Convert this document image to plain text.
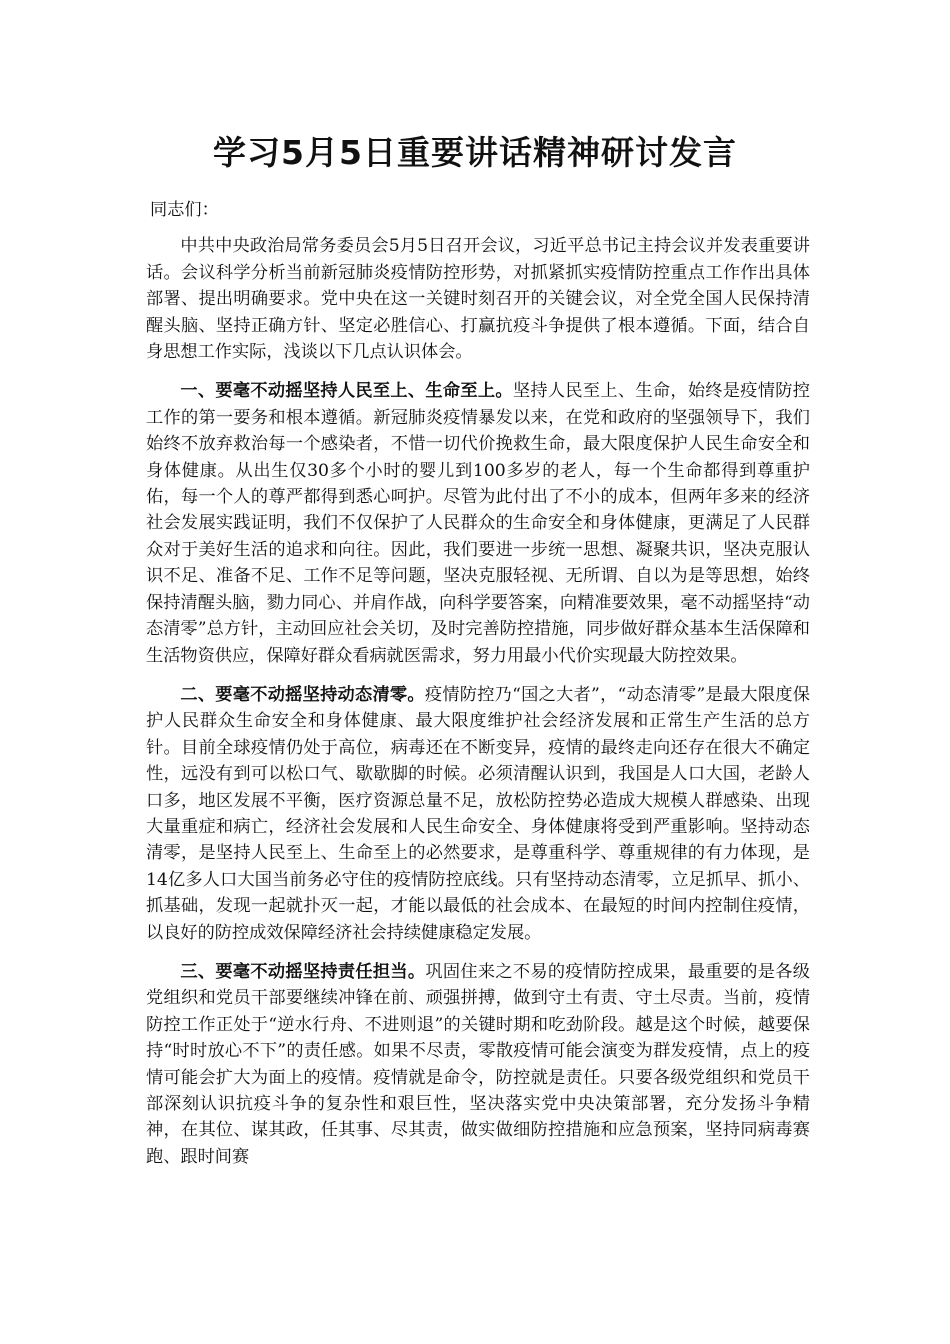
学习5月5日重要讲话精神研讨发言

同志们：

中共中央政治局常务委员会5月5日召开会议，习近平总书记主持会议并发表重要讲话。会议科学分析当前新冠肺炎疫情防控形势，对抓紧抓实疫情防控重点工作作出具体部署、提出明确要求。党中央在这一关键时刻召开的关键会议，对全党全国人民保持清醒头脑、坚持正确方针、坚定必胜信心、打赢抗疫斗争提供了根本遵循。下面，结合自身思想工作实际，浅谈以下几点认识体会。

一、要毫不动摇坚持人民至上、生命至上。坚持人民至上、生命，始终是疫情防控工作的第一要务和根本遵循。新冠肺炎疫情暴发以来，在党和政府的坚强领导下，我们始终不放弃救治每一个感染者，不惜一切代价挽救生命，最大限度保护人民生命安全和身体健康。从出生仅30多个小时的婴儿到100多岁的老人，每一个生命都得到尊重护佑，每一个人的尊严都得到悉心呵护。尽管为此付出了不小的成本，但两年多来的经济社会发展实践证明，我们不仅保护了人民群众的生命安全和身体健康，更满足了人民群众对于美好生活的追求和向往。因此，我们要进一步统一思想、凝聚共识，坚决克服认识不足、准备不足、工作不足等问题，坚决克服轻视、无所谓、自以为是等思想，始终保持清醒头脑，勠力同心、并肩作战，向科学要答案，向精准要效果，毫不动摇坚持“动态清零”总方针，主动回应社会关切，及时完善防控措施，同步做好群众基本生活保障和生活物资供应，保障好群众看病就医需求，努力用最小代价实现最大防控效果。

二、要毫不动摇坚持动态清零。疫情防控乃“国之大者”，“动态清零”是最大限度保护人民群众生命安全和身体健康、最大限度维护社会经济发展和正常生产生活的总方针。目前全球疫情仍处于高位，病毒还在不断变异，疫情的最终走向还存在很大不确定性，远没有到可以松口气、歇歇脚的时候。必须清醒认识到，我国是人口大国，老龄人口多，地区发展不平衡，医疗资源总量不足，放松防控势必造成大规模人群感染、出现大量重症和病亡，经济社会发展和人民生命安全、身体健康将受到严重影响。坚持动态清零，是坚持人民至上、生命至上的必然要求，是尊重科学、尊重规律的有力体现，是14亿多人口大国当前务必守住的疫情防控底线。只有坚持动态清零，立足抓早、抓小、抓基础，发现一起就扑灭一起，才能以最低的社会成本、在最短的时间内控制住疫情，以良好的防控成效保障经济社会持续健康稳定发展。

三、要毫不动摇坚持责任担当。巩固住来之不易的疫情防控成果，最重要的是各级党组织和党员干部要继续冲锋在前、顽强拼搏，做到守土有责、守土尽责。当前，疫情防控工作正处于“逆水行舟、不进则退”的关键时期和吃劲阶段。越是这个时候，越要保持“时时放心不下”的责任感。如果不尽责，零散疫情可能会演变为群发疫情，点上的疫情可能会扩大为面上的疫情。疫情就是命令，防控就是责任。只要各级党组织和党员干部深刻认识抗疫斗争的复杂性和艰巨性，坚决落实党中央决策部署，充分发扬斗争精神，在其位、谋其政，任其事、尽其责，做实做细防控措施和应急预案，坚持同病毒赛跑、跟时间赛
